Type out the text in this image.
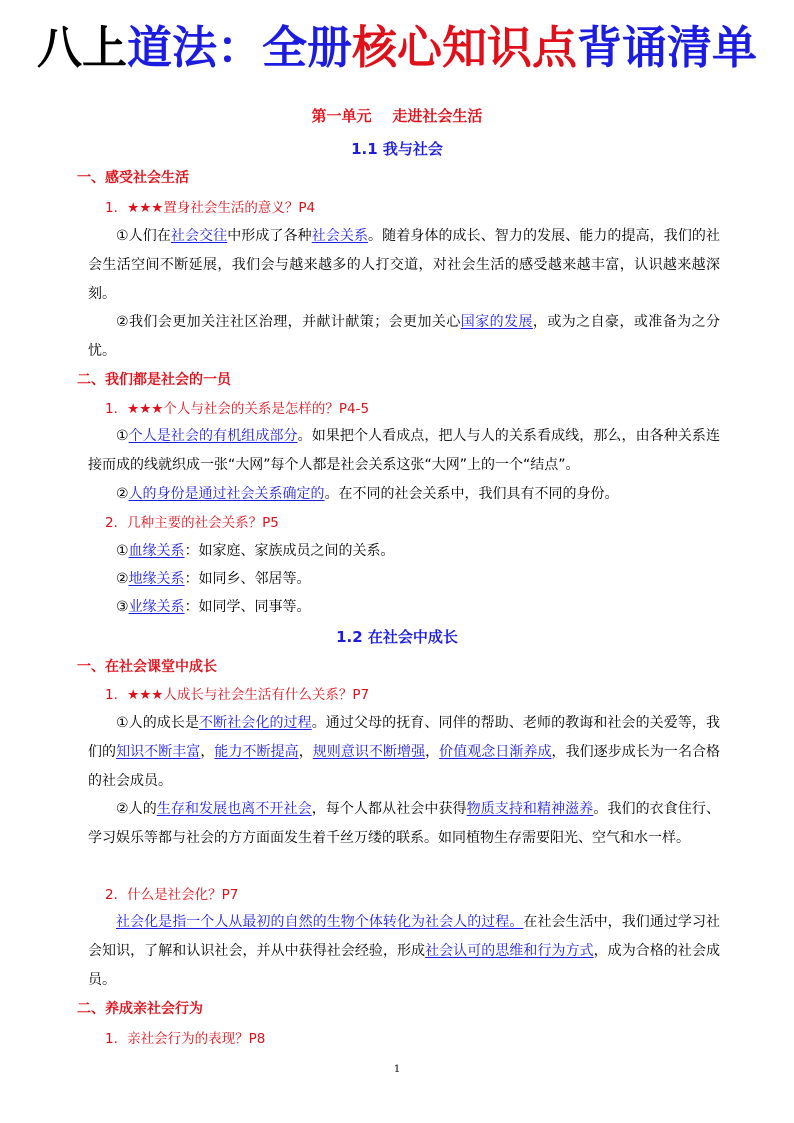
八上道法：全册核心知识点背诵清单
第一单元    走进社会生活
1.1 我与社会
一、感受社会生活
1．★★★置身社会生活的意义？P4
①人们在社会交往中形成了各种社会关系。随着身体的成长、智力的发展、能力的提高，我们的社会生活空间不断延展，我们会与越来越多的人打交道，对社会生活的感受越来越丰富，认识越来越深刻。
②我们会更加关注社区治理，并献计献策；会更加关心国家的发展，或为之自豪，或准备为之分忧。
二、我们都是社会的一员
1．★★★个人与社会的关系是怎样的？P4-5
①个人是社会的有机组成部分。如果把个人看成点，把人与人的关系看成线，那么，由各种关系连接而成的线就织成一张“大网”每个人都是社会关系这张“大网”上的一个“结点”。
②人的身份是通过社会关系确定的。在不同的社会关系中，我们具有不同的身份。
2．几种主要的社会关系？P5
①血缘关系：如家庭、家族成员之间的关系。
②地缘关系：如同乡、邻居等。
③业缘关系：如同学、同事等。
1.2 在社会中成长
一、在社会课堂中成长
1．★★★人成长与社会生活有什么关系？P7
①人的成长是不断社会化的过程。通过父母的抚育、同伴的帮助、老师的教诲和社会的关爱等，我们的知识不断丰富，能力不断提高，规则意识不断增强，价值观念日渐养成，我们逐步成长为一名合格的社会成员。
②人的生存和发展也离不开社会，每个人都从社会中获得物质支持和精神滋养。我们的衣食住行、学习娱乐等都与社会的方方面面发生着千丝万缕的联系。如同植物生存需要阳光、空气和水一样。
2．什么是社会化？P7
社会化是指一个人从最初的自然的生物个体转化为社会人的过程。在社会生活中，我们通过学习社会知识，了解和认识社会，并从中获得社会经验，形成社会认可的思维和行为方式，成为合格的社会成员。
二、养成亲社会行为
1．亲社会行为的表现？P8
1
